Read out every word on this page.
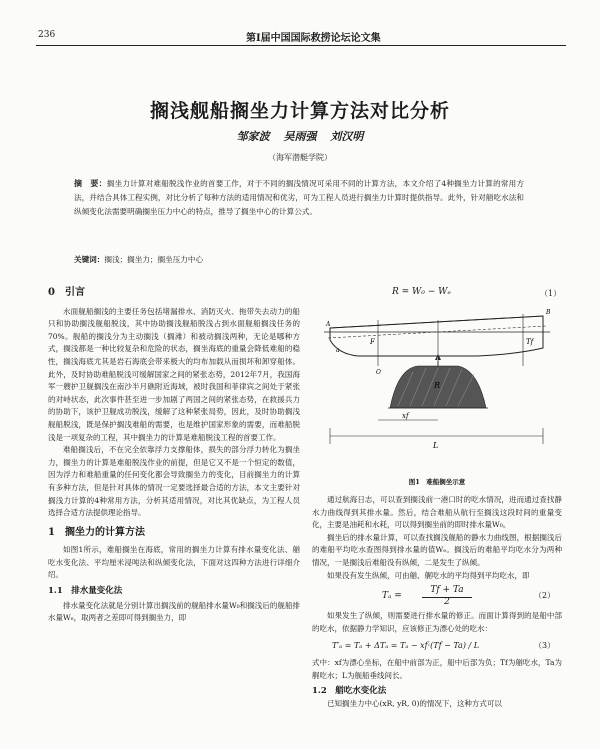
236	第Ⅰ届中国国际救捞论坛论文集
搁浅舰船搁坐力计算方法对比分析
邹家波 吴雨强 刘汉明
（海军潜艇学院）
摘　要：搁坐力计算对难船脱浅作业的首要工作，对于不同的搁浅情况可采用不同的计算方法，本文介绍了4种搁坐力计算的常用方法，并结合具体工程实例，对比分析了每种方法的适用情况和优劣，可为工程人员进行搁坐力计算时提供指导。此外，针对艏吃水法和纵倾变化法需要明确搁坐压力中心的特点，推导了搁坐中心的计算公式。
关键词：搁浅；搁坐力；搁坐压力中心
0　引言

水面舰船搁浅的主要任务包括堵漏排水、消防灭火、拖带失去动力的船只和协助搁浅舰船脱浅，其中协助搁浅舰船脱浅占到水面舰船搁浅任务的70%。舰船的搁浅分为主动搁浅（搁滩）和被动搁浅两种，无论是哪种方式，搁浅都是一种比较复杂和危险的状态，搁坐海底的重量会降低难船的稳性，搁浅海底尤其是岩石海底会带来极大的均布加载从而损坏和卸穿船体。此外，及时协助难船脱浅可缓解国家之间的紧张态势，2012年7月，我国海军一艘护卫舰搁浅在南沙半月礁附近海域，被时我国和菲律宾之间处于紧张的对峙状态，此次事件甚至进一步加剧了两国之间的紧张态势，在救援兵力的协助下，该护卫舰成功脱浅，缓解了这种紧张局势，因此，及时协助搁浅舰船脱浅，既是保护搁浅难船的需要，也是维护国家形象的需要，而难船脱浅是一项复杂的工程，其中搁坐力的计算是难船脱浅工程的首要工作。

难船搁浅后，不在完全依靠浮力支撑船体，损失的部分浮力转化为搁坐力，搁坐力的计算是难船脱浅作业的前提，但是它又不是一个恒定的数值，因为浮力和难船重量的任何变化都会导致搁坐力的变化，目前搁坐力的计算有多种方法，但是针对具体的情况一定要选择最合适的方法，本文主要针对搁浅力计算的4种常用方法，分析其适用情况，对比其优缺点，为工程人员选择合适方法提供理论指导。

1　搁坐力的计算方法

如图1所示，难船搁坐在海底，常用的搁坐力计算有排水量变化法、艏吃水变化法、平均厘米浸吨法和纵倾变化法，下面对这四种方法进行详细介绍。

1.1　排水量变化法

排水量变化法就是分别计算出搁浅前的舰船排水量W₀和搁浅后的舰船排水量Wₑ，取两者之差即可得到搁坐力，即

R = W₀ − Wₑ	（1）
R
Tf
F
(xR,yR)
xf
L
a
O
A
B
图1　难船搁坐示意

通过航海日志，可以查到搁浅前一港口时的吃水情况，进而通过查找静水力曲线得到其排水量。然后，结合难船从航行至搁浅这段时间的重量变化，主要是油耗和水耗，可以得到搁坐前的即时排水量W₀。

搁坐后的排水量计算，可以查找搁浅舰船的静水力曲线图，根据搁浅后的难船平均吃水查图得到排水量的值Wₑ。搁浅后的难船平均吃水分为两种情况，一是搁浅后难船没有纵倾，二是发生了纵倾。

如果没有发生纵倾，可由艏、艉吃水的平均得到平均吃水，即

Tₐ =
Tf + Ta
2
（2）

如果发生了纵倾，则需要进行排水量的修正。而面计算得到的是船中部的吃水，依据静力学知识，应该修正为漂心处的吃水：

T′ₐ = Tₐ + ΔTₐ = Tₐ − xf·(Tf − Ta) / L	（3）

式中：xf为漂心坐标，在船中前部为正，船中后部为负；Tf为艏吃水，Ta为艉吃水；L为舰船垂线间长。

1.2　艏吃水变化法

已知搁坐力中心(xR, yR, 0)的情况下，这种方式可以
